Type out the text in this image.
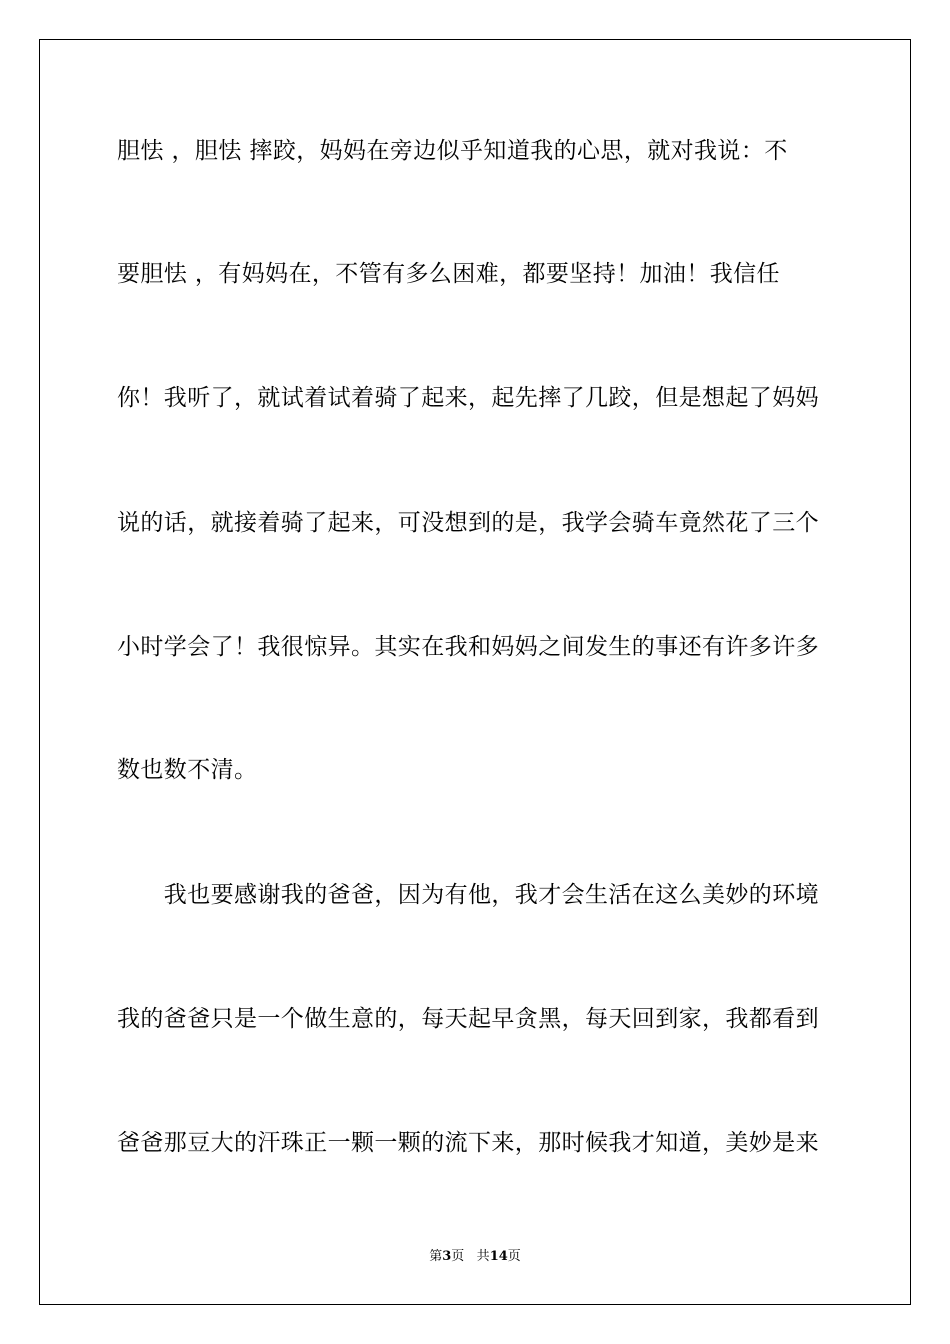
胆怯 ，胆怯 摔跤，妈妈在旁边似乎知道我的心思，就对我说：不
要胆怯 ，有妈妈在，不管有多么困难，都要坚持！加油！我信任
你！我听了，就试着试着骑了起来，起先摔了几跤，但是想起了妈妈
说的话，就接着骑了起来，可没想到的是，我学会骑车竟然花了三个
小时学会了！我很惊异。其实在我和妈妈之间发生的事还有许多许多
数也数不清。
　　我也要感谢我的爸爸，因为有他，我才会生活在这么美妙的环境
我的爸爸只是一个做生意的，每天起早贪黑，每天回到家，我都看到
爸爸那豆大的汗珠正一颗一颗的流下来，那时候我才知道，美妙是来
第3页 共14页
